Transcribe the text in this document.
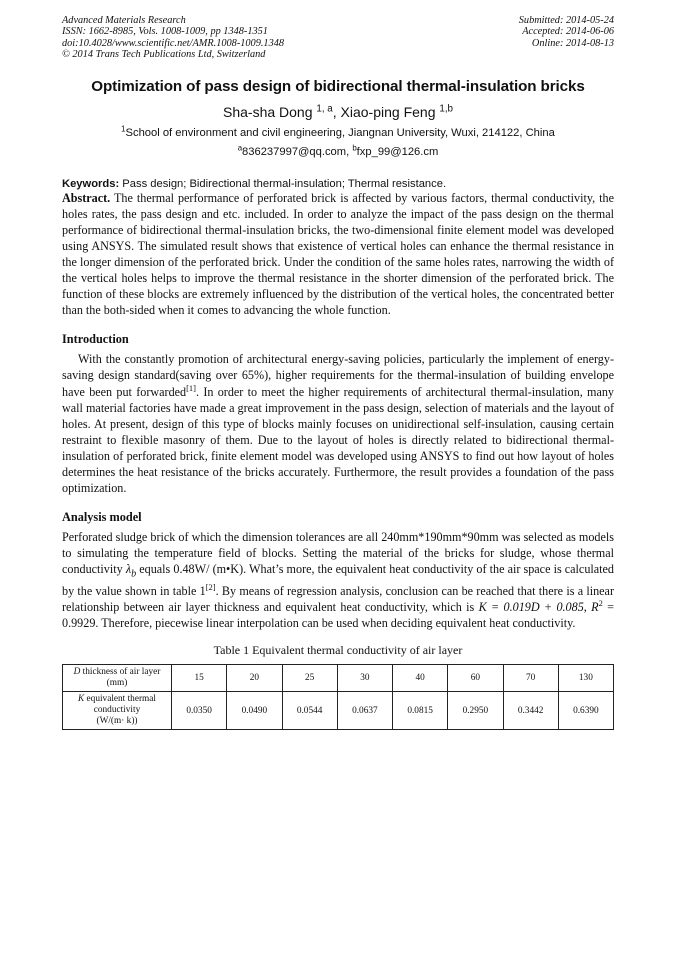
Advanced Materials Research
ISSN: 1662-8985, Vols. 1008-1009, pp 1348-1351
doi:10.4028/www.scientific.net/AMR.1008-1009.1348
© 2014 Trans Tech Publications Ltd, Switzerland
Submitted: 2014-05-24
Accepted: 2014-06-06
Online: 2014-08-13
Optimization of pass design of bidirectional thermal-insulation bricks
Sha-sha Dong $^{1, a}$, Xiao-ping Feng $^{1,b}$
$^1$School of environment and civil engineering, Jiangnan University, Wuxi, 214122, China
$^a$836237997@qq.com, $^b$fxp_99@126.cm
Keywords: Pass design; Bidirectional thermal-insulation; Thermal resistance.

Abstract. The thermal performance of perforated brick is affected by various factors, thermal conductivity, the holes rates, the pass design and etc. included. In order to analyze the impact of the pass design on the thermal performance of bidirectional thermal-insulation bricks, the two-dimensional finite element model was developed using ANSYS. The simulated result shows that existence of vertical holes can enhance the thermal resistance in the longer dimension of the perforated brick. Under the condition of the same holes rates, narrowing the width of the vertical holes helps to improve the thermal resistance in the shorter dimension of the perforated brick. The function of these blocks are extremely influenced by the distribution of the vertical holes, the concentrated better than the both-sided when it comes to advancing the whole function.

Introduction

With the constantly promotion of architectural energy-saving policies, particularly the implement of energy-saving design standard(saving over 65%), higher requirements for the thermal-insulation of building envelope have been put forwarded[1]. In order to meet the higher requirements of architectural thermal-insulation, many wall material factories have made a great improvement in the pass design, selection of materials and the layout of holes. At present, design of this type of blocks mainly focuses on unidirectional self-insulation, causing certain restraint to flexible masonry of them. Due to the layout of holes is directly related to bidirectional thermal-insulation of perforated brick, finite element model was developed using ANSYS to find out how layout of holes determines the heat resistance of the bricks accurately. Furthermore, the result provides a foundation of the pass optimization.

Analysis model

Perforated sludge brick of which the dimension tolerances are all 240mm*190mm*90mm was selected as models to simulating the temperature field of blocks. Setting the material of the bricks for sludge, whose thermal conductivity $\lambda_b$ equals 0.48W/ (m•K). What’s more, the equivalent heat conductivity of the air space is calculated by the value shown in table 1[2]. By means of regression analysis, conclusion can be reached that there is a linear relationship between air layer thickness and equivalent heat conductivity, which is K = 0.019D + 0.085, $R^2 = 0.9929$. Therefore, piecewise linear interpolation can be used when deciding equivalent heat conductivity.

Table 1 Equivalent thermal conductivity of air layer
D thickness of air layer (mm)	15	20	25	30	40	60	70	130
K equivalent thermal conductivity
(W/(m· k))	0.0350	0.0490	0.0544	0.0637	0.0815	0.2950	0.3442	0.6390
